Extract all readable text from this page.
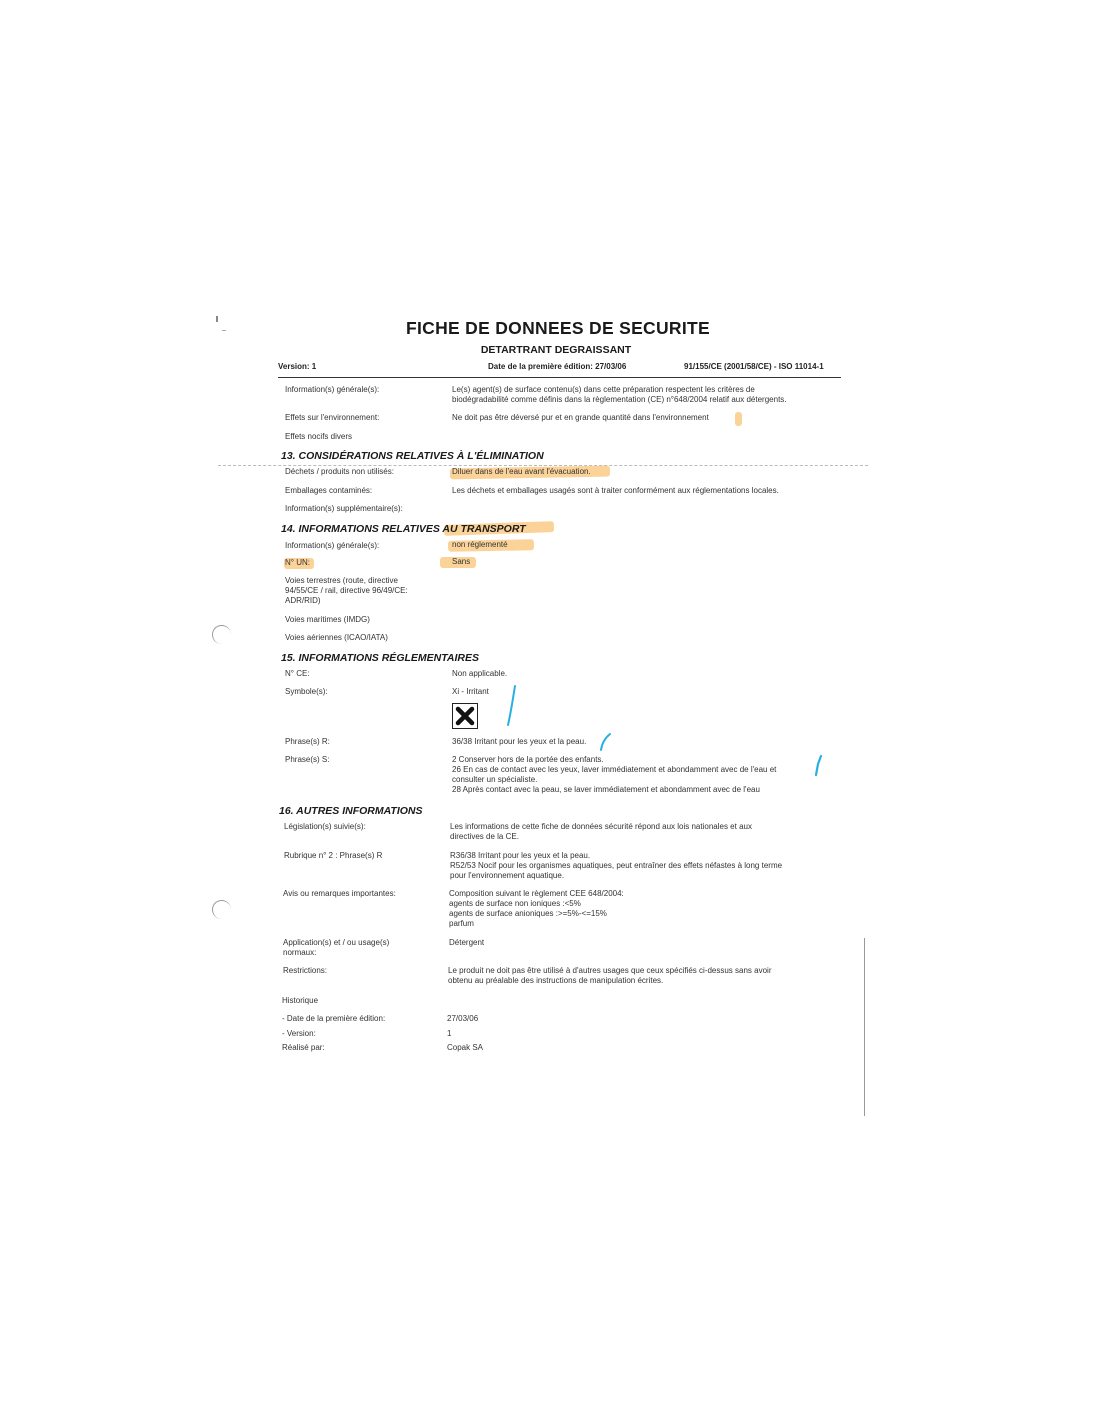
FICHE DE DONNEES DE SECURITE
DETARTRANT DEGRAISSANT
Version: 1	Date de la première édition: 27/03/06	91/155/CE (2001/58/CE) - ISO 11014-1
Information(s) générale(s):	Le(s) agent(s) de surface contenu(s) dans cette préparation respectent les critères de
biodégradabilité comme définis dans la règlementation (CE) n°648/2004 relatif aux détergents.
Effets sur l'environnement:	Ne doit pas être déversé pur et en grande quantité dans l'environnement
Effets nocifs divers
13. CONSIDÉRATIONS RELATIVES À L'ÉLIMINATION
Déchets / produits non utilisés:	Diluer dans de l'eau avant l'évacuation.
Emballages contaminés:	Les déchets et emballages usagés sont à traiter conformément aux réglementations locales.
Information(s) supplémentaire(s):
14. INFORMATIONS RELATIVES AU TRANSPORT
Information(s) générale(s):	non réglementé
N° UN:	Sans
Voies terrestres (route, directive
94/55/CE / rail, directive 96/49/CE:
ADR/RID)
Voies maritimes (IMDG)
Voies aériennes (ICAO/IATA)
15. INFORMATIONS RÉGLEMENTAIRES
N° CE:	Non applicable.
Symbole(s):	Xi - Irritant
Phrase(s) R:	36/38 Irritant pour les yeux et la peau.
Phrase(s) S:	2 Conserver hors de la portée des enfants.
26 En cas de contact avec les yeux, laver immédiatement et abondamment avec de l'eau et
consulter un spécialiste.
28 Après contact avec la peau, se laver immédiatement et abondamment avec de l'eau
16. AUTRES INFORMATIONS
Législation(s) suivie(s):	Les informations de cette fiche de données sécurité répond aux lois nationales et aux
directives de la CE.
Rubrique n° 2 : Phrase(s) R	R36/38 Irritant pour les yeux et la peau.
R52/53 Nocif pour les organismes aquatiques, peut entraîner des effets néfastes à long terme
pour l'environnement aquatique.
Avis ou remarques importantes:	Composition suivant le règlement CEE 648/2004:
agents de surface non ioniques :<5%
agents de surface anioniques :>=5%-<=15%
parfum
Application(s) et / ou usage(s)
normaux:
Détergent
Restrictions:	Le produit ne doit pas être utilisé à d'autres usages que ceux spécifiés ci-dessus sans avoir
obtenu au préalable des instructions de manipulation écrites.
Historique
- Date de la première édition:	27/03/06
- Version:	1
Réalisé par:	Copak SA
